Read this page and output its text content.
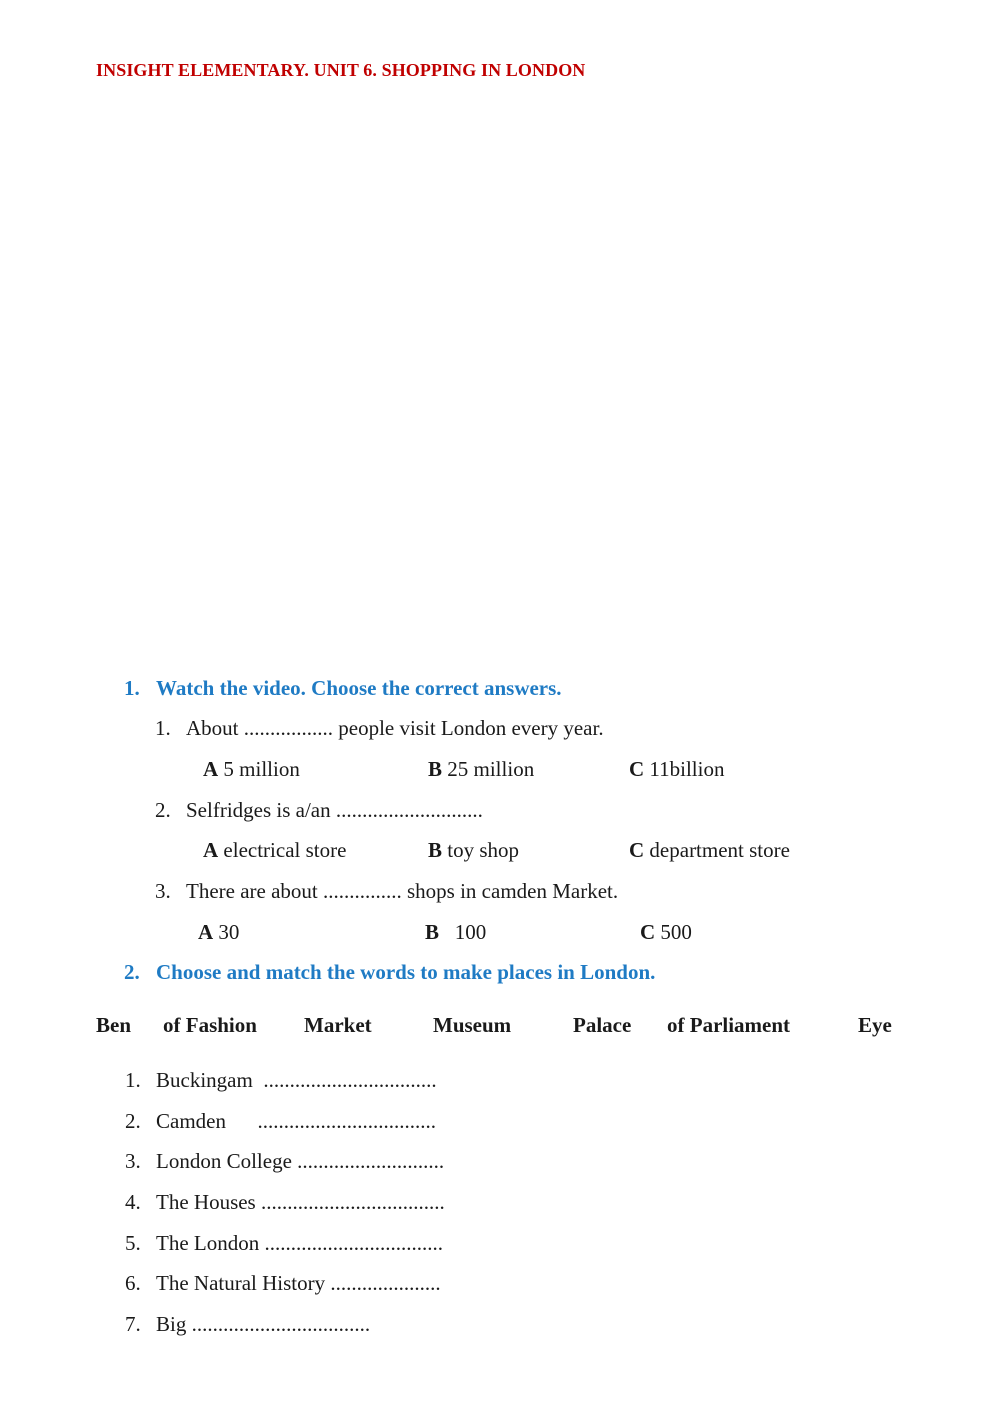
INSIGHT ELEMENTARY. UNIT 6. SHOPPING IN LONDON
1. Watch the video. Choose the correct answers.
1. About ................. people visit London every year.
A 5 million	B 25 million	C 11billion
2. Selfridges is a/an ............................
A electrical store	B toy shop	C department store
3. There are about ............... shops in camden Market.
A 30	B   100	C 500
2. Choose and match the words to make places in London.
Ben of Fashion Market	Museum	Palace of Parliament	Eye
1. Buckingam  .................................
2. Camden      ..................................
3. London College ............................
4. The Houses ...................................
5. The London ..................................
6. The Natural History .....................
7. Big ..................................
